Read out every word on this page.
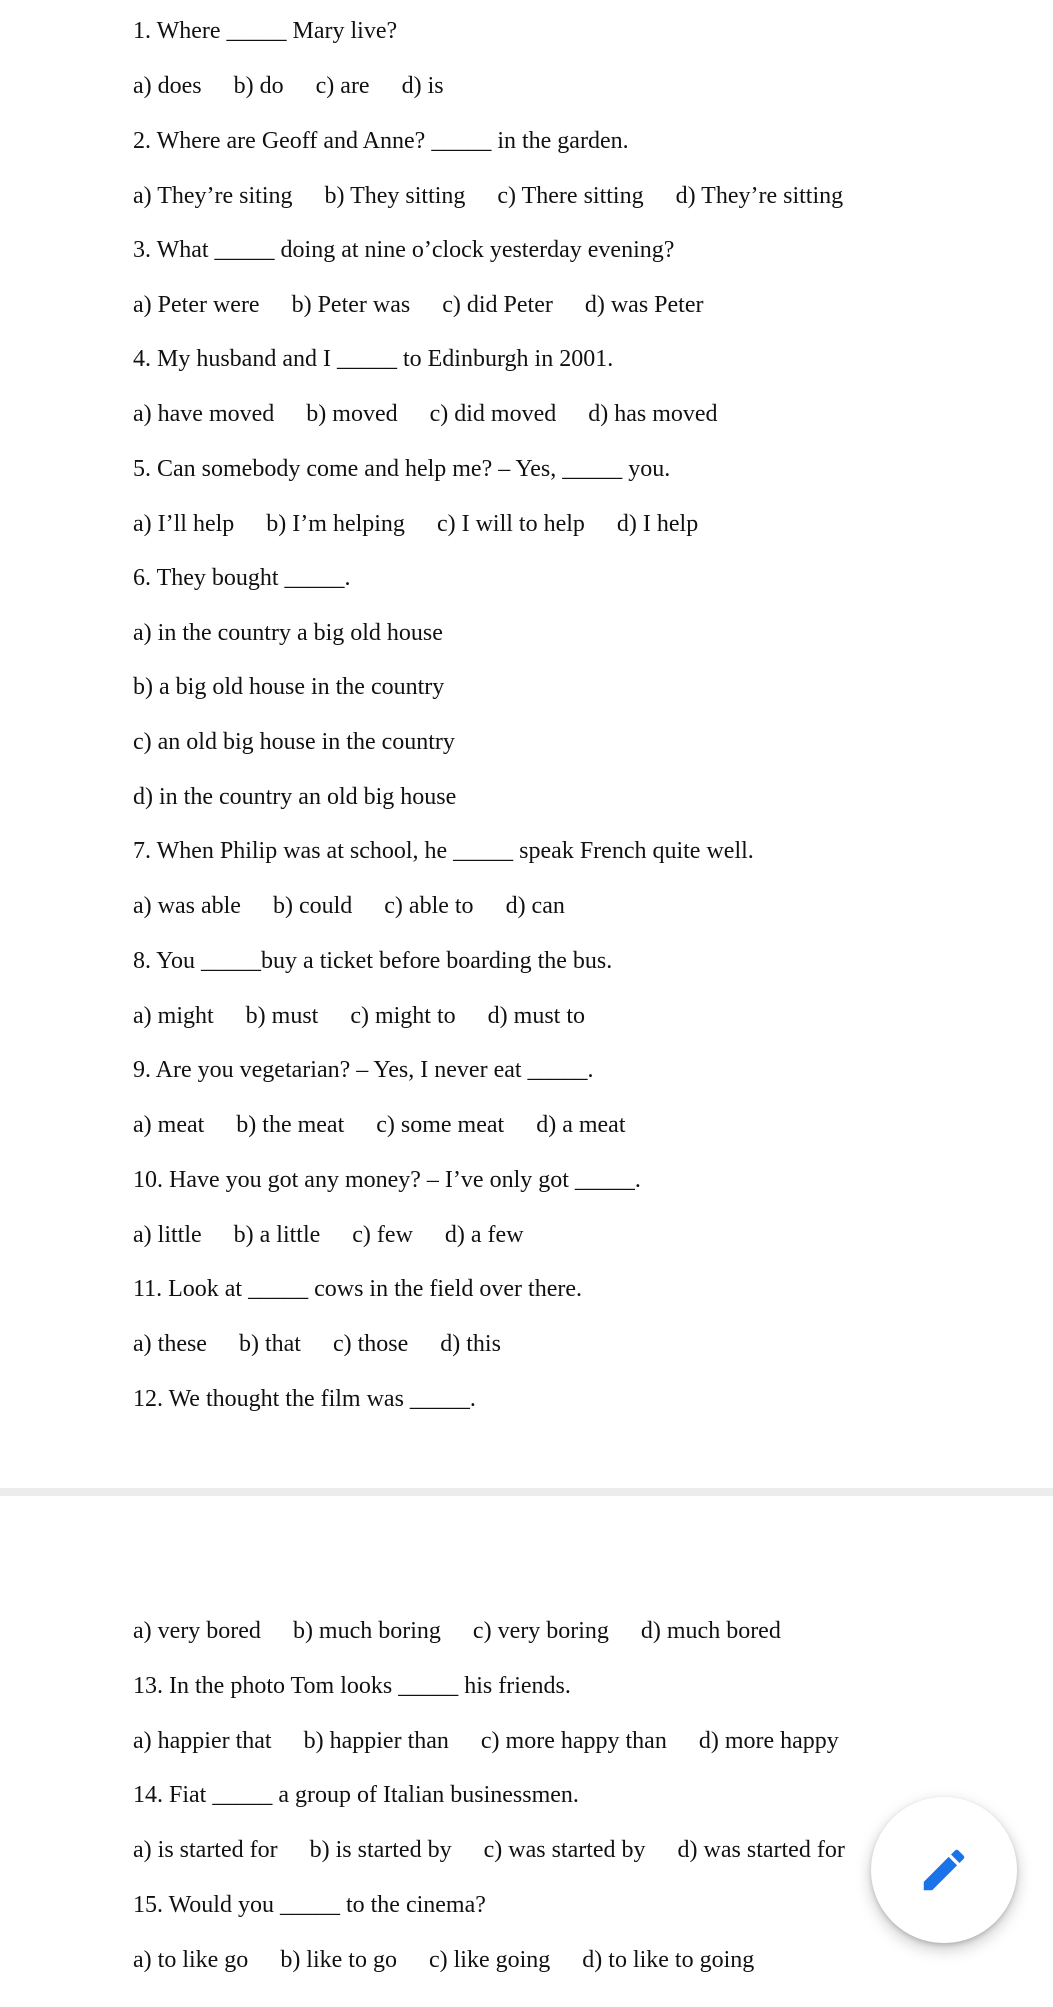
1. Where _____ Mary live?

a) does b) do c) are d) is

2. Where are Geoff and Anne? _____ in the garden.

a) They’re siting b) They sitting c) There sitting d) They’re sitting

3. What _____ doing at nine o’clock yesterday evening?

a) Peter were b) Peter was c) did Peter d) was Peter

4. My husband and I _____ to Edinburgh in 2001.

a) have moved b) moved c) did moved d) has moved

5. Can somebody come and help me? – Yes, _____ you.

a) I’ll help b) I’m helping c) I will to help d) I help

6. They bought _____.

a) in the country a big old house

b) a big old house in the country

c) an old big house in the country

d) in the country an old big house

7. When Philip was at school, he _____ speak French quite well.

a) was able b) could c) able to d) can

8. You _____buy a ticket before boarding the bus.

a) might b) must c) might to d) must to

9. Are you vegetarian? – Yes, I never eat _____.

a) meat b) the meat c) some meat d) a meat

10. Have you got any money? – I’ve only got _____.

a) little b) a little c) few d) a few

11. Look at _____ cows in the field over there.

a) these b) that c) those d) this

12. We thought the film was _____.

a) very bored b) much boring c) very boring d) much bored

13. In the photo Tom looks _____ his friends.

a) happier that b) happier than c) more happy than d) more happy

14. Fiat _____ a group of Italian businessmen.

a) is started for b) is started by c) was started by d) was started for

15. Would you _____ to the cinema?

a) to like go b) like to go c) like going d) to like to going
